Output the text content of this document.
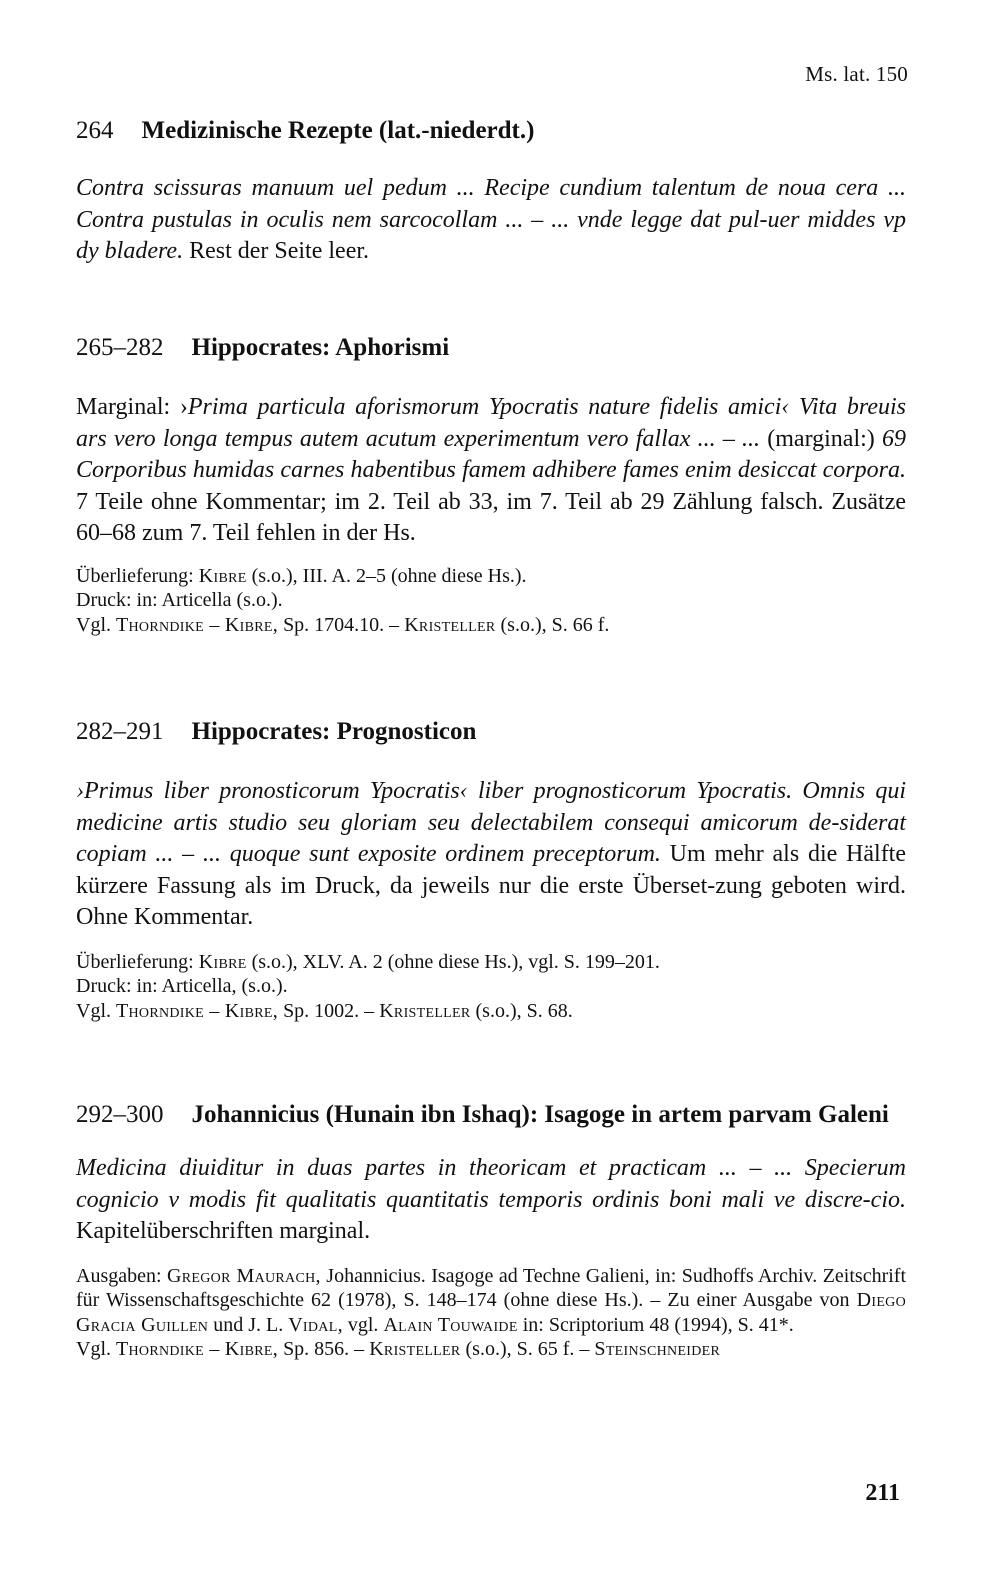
Ms. lat. 150
264 Medizinische Rezepte (lat.-niederdt.)
Contra scissuras manuum uel pedum ... Recipe cundium talentum de noua cera ... Contra pustulas in oculis nem sarcocollam ... – ... vnde legge dat pul-uer middes vp dy bladere. Rest der Seite leer.
265–282 Hippocrates: Aphorismi
Marginal: ›Prima particula aforismorum Ypocratis nature fidelis amici‹ Vita breuis ars vero longa tempus autem acutum experimentum vero fallax ... – ... (marginal:) 69 Corporibus humidas carnes habentibus famem adhibere fames enim desiccat corpora. 7 Teile ohne Kommentar; im 2. Teil ab 33, im 7. Teil ab 29 Zählung falsch. Zusätze 60–68 zum 7. Teil fehlen in der Hs.
Überlieferung: Kibre (s.o.), III. A. 2–5 (ohne diese Hs.).
Druck: in: Articella (s.o.).
Vgl. Thorndike – Kibre, Sp. 1704.10. – Kristeller (s.o.), S. 66 f.
282–291 Hippocrates: Prognosticon
›Primus liber pronosticorum Ypocratis‹ liber prognosticorum Ypocratis. Omnis qui medicine artis studio seu gloriam seu delectabilem consequi amicorum de-siderat copiam ... – ... quoque sunt exposite ordinem preceptorum. Um mehr als die Hälfte kürzere Fassung als im Druck, da jeweils nur die erste Überset-zung geboten wird. Ohne Kommentar.
Überlieferung: Kibre (s.o.), XLV. A. 2 (ohne diese Hs.), vgl. S. 199–201.
Druck: in: Articella, (s.o.).
Vgl. Thorndike – Kibre, Sp. 1002. – Kristeller (s.o.), S. 68.
292–300 Johannicius (Hunain ibn Ishaq): Isagoge in artem parvam Galeni
Medicina diuiditur in duas partes in theoricam et practicam ... – ... Specierum cognicio v modis fit qualitatis quantitatis temporis ordinis boni mali ve discre-cio. Kapitelüberschriften marginal.
Ausgaben: Gregor Maurach, Johannicius. Isagoge ad Techne Galieni, in: Sudhoffs Archiv. Zeitschrift für Wissenschaftsgeschichte 62 (1978), S. 148–174 (ohne diese Hs.). – Zu einer Ausgabe von Diego Gracia Guillen und J. L. Vidal, vgl. Alain Touwaide in: Scriptorium 48 (1994), S. 41*.
Vgl. Thorndike – Kibre, Sp. 856. – Kristeller (s.o.), S. 65 f. – Steinschneider
211
